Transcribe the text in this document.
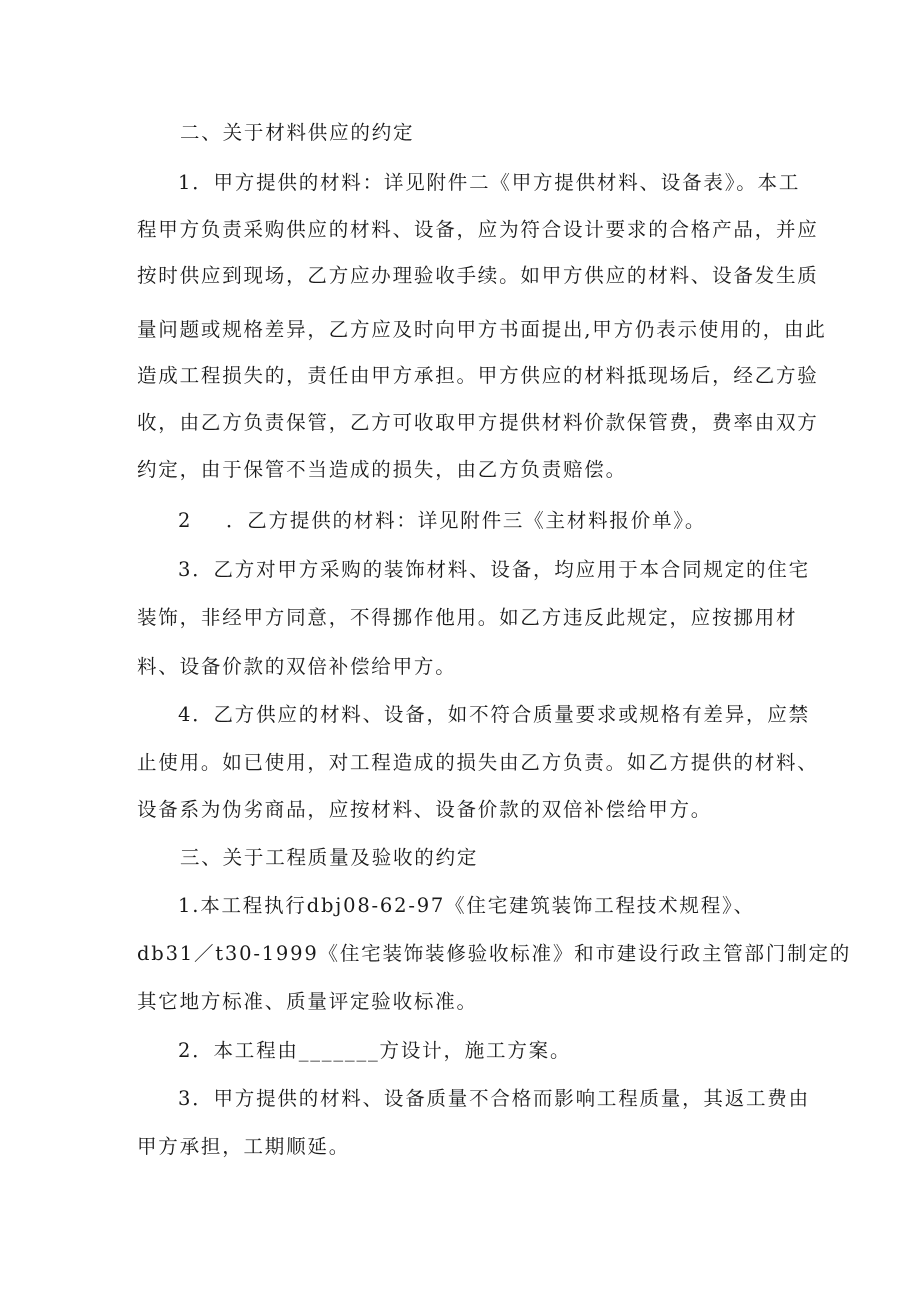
二、关于材料供应的约定
1．甲方提供的材料：详见附件二《甲方提供材料、设备表》。本工
程甲方负责采购供应的材料、设备，应为符合设计要求的合格产品，并应
按时供应到现场，乙方应办理验收手续。如甲方供应的材料、设备发生质
量问题或规格差异，乙方应及时向甲方书面提出,甲方仍表示使用的，由此
造成工程损失的，责任由甲方承担。甲方供应的材料抵现场后，经乙方验
收，由乙方负责保管，乙方可收取甲方提供材料价款保管费，费率由双方
约定，由于保管不当造成的损失，由乙方负责赔偿。
2 ．乙方提供的材料：详见附件三《主材料报价单》。
3．乙方对甲方采购的装饰材料、设备，均应用于本合同规定的住宅
装饰，非经甲方同意，不得挪作他用。如乙方违反此规定，应按挪用材
料、设备价款的双倍补偿给甲方。
4．乙方供应的材料、设备，如不符合质量要求或规格有差异，应禁
止使用。如已使用，对工程造成的损失由乙方负责。如乙方提供的材料、
设备系为伪劣商品，应按材料、设备价款的双倍补偿给甲方。
三、关于工程质量及验收的约定
1.本工程执行dbj08-62-97《住宅建筑装饰工程技术规程》、
db31／t30-1999《住宅装饰装修验收标准》和市建设行政主管部门制定的
其它地方标准、质量评定验收标准。
2．本工程由_______方设计，施工方案。
3．甲方提供的材料、设备质量不合格而影响工程质量，其返工费由
甲方承担，工期顺延。
